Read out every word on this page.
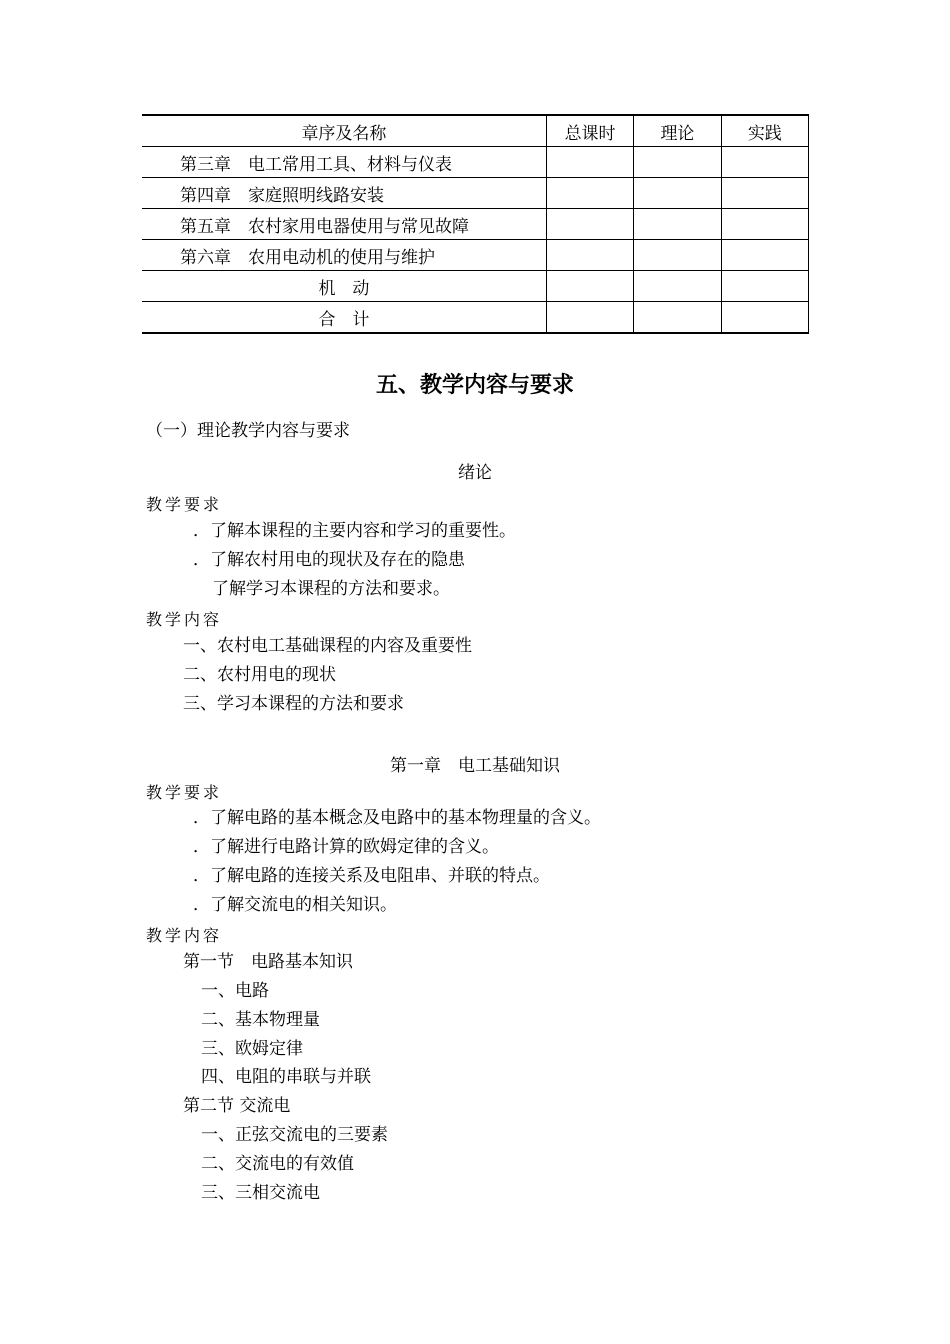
章序及名称	总课时	理论	实践
第三章　电工常用工具、材料与仪表			
第四章　家庭照明线路安装			
第五章　农村家用电器使用与常见故障			
第六章　农用电动机的使用与维护			
机　动			
合　计			
五、教学内容与要求
（一）理论教学内容与要求
绪论
教学要求
．了解本课程的主要内容和学习的重要性。
．了解农村用电的现状及存在的隐患
了解学习本课程的方法和要求。
教学内容
一、农村电工基础课程的内容及重要性
二、农村用电的现状
三、学习本课程的方法和要求
第一章　电工基础知识
教学要求
．了解电路的基本概念及电路中的基本物理量的含义。
．了解进行电路计算的欧姆定律的含义。
．了解电路的连接关系及电阻串、并联的特点。
．了解交流电的相关知识。
教学内容
第一节　电路基本知识
一、电路
二、基本物理量
三、欧姆定律
四、电阻的串联与并联
第二节 交流电
一、正弦交流电的三要素
二、交流电的有效值
三、三相交流电
